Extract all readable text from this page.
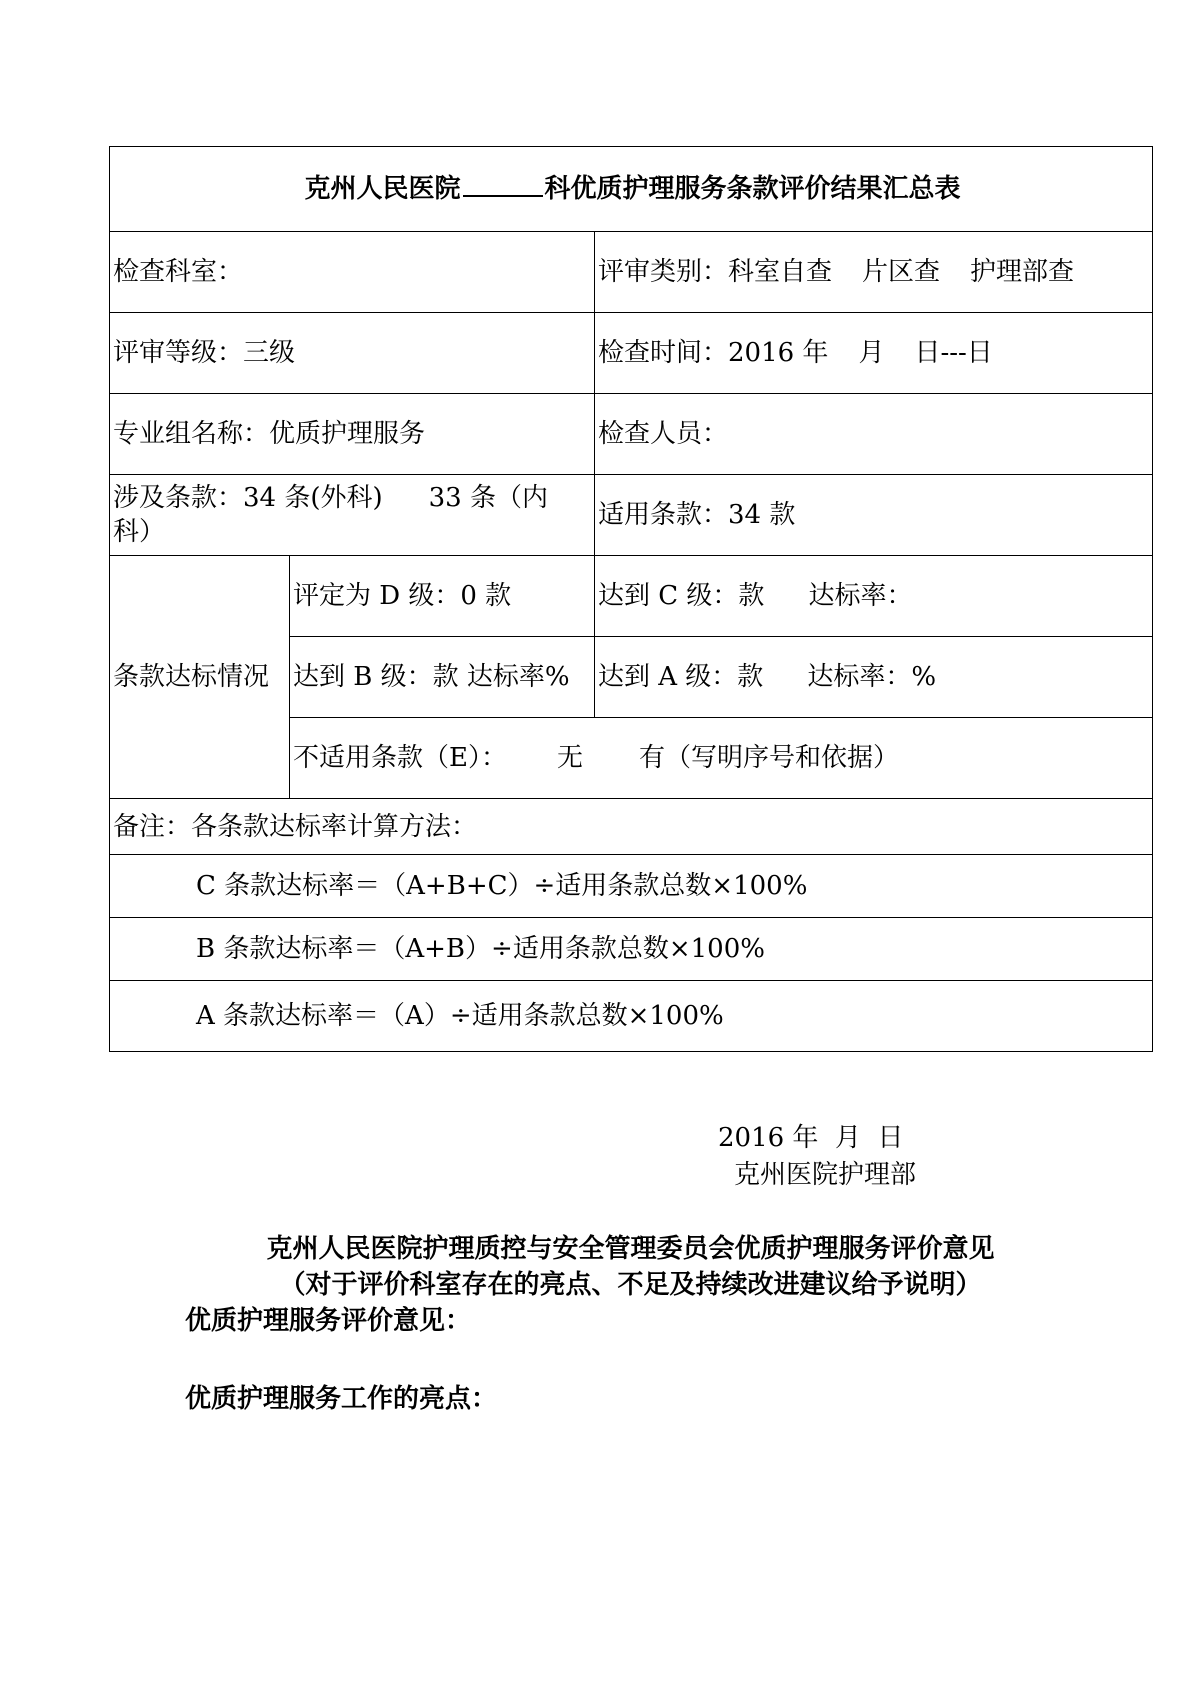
克州人民医院 科优质护理服务条款评价结果汇总表		
检查科室：		评审类别：科室自查 片区查 护理部查
评审等级：三级		检查时间：2016 年 月 日---日
专业组名称：优质护理服务		检查人员：
涉及条款：34 条(外科) 33 条（内
科）		适用条款：34 款
条款达标情况	评定为 D 级：0 款	达到 C 级：款 达标率：
	达到 B 级：款 达标率%	达到 A 级：款 达标率：%
	不适用条款（E）： 无 有（写明序号和依据）	
备注：各条款达标率计算方法：		
C 条款达标率＝（A+B+C）÷适用条款总数×100%		
B 条款达标率＝（A+B）÷适用条款总数×100%		
A 条款达标率＝（A）÷适用条款总数×100%		
2016 年  月  日
克州医院护理部
克州人民医院护理质控与安全管理委员会优质护理服务评价意见
（对于评价科室存在的亮点、不足及持续改进建议给予说明）
优质护理服务评价意见：
优质护理服务工作的亮点：
